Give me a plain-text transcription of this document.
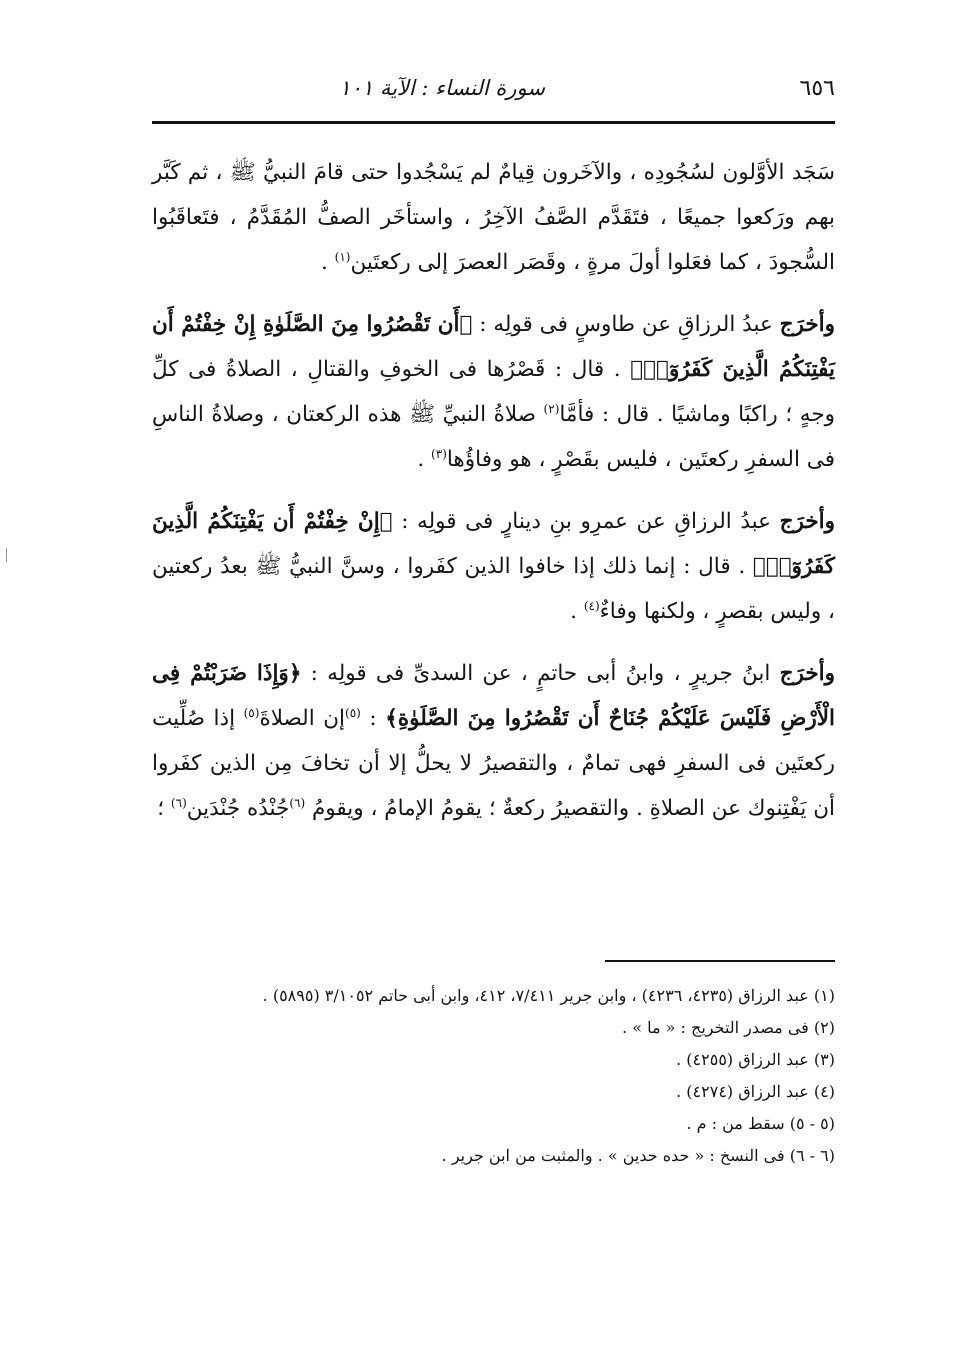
٦٥٦
سورة النساء : الآية ١٠١

سَجَد الأوَّلون لسُجُودِه ، والآخَرون قِيامٌ لم يَسْجُدوا حتى قامَ النبيُّ ﷺ ، ثم كَبَّر بهم ورَكعوا جميعًا ، فتَقَدَّم الصَّفُ الآخِرُ ، واستأخَر الصفُّ المُقَدَّمُ ، فتَعاقَبُوا السُّجودَ ، كما فعَلوا أولَ مرةٍ ، وقَصَر العصرَ إلى ركعتَين$^{(١)}$ .

وأخرَج عبدُ الرزاقِ عن طاوسٍ فى قولِه : ﴿أَن تَقْصُرُوا مِنَ الصَّلَوٰةِ إِنْ خِفْتُمْ أَن يَفْتِنَكُمُ الَّذِينَ كَفَرُوٓا۟﴾ . قال : قَصْرُها فى الخوفِ والقتالِ ، الصلاةُ فى كلِّ وجهٍ ؛ راكبًا وماشيًا . قال : فأمَّا$^{(٢)}$ صلاةُ النبيِّ ﷺ هذه الركعتان ، وصلاةُ الناسِ فى السفرِ ركعتَين ، فليس بقَصْرٍ ، هو وفاؤُها$^{(٣)}$ .

وأخرَج عبدُ الرزاقِ عن عمرِو بنِ دينارٍ فى قولِه : ﴿إِنْ خِفْتُمْ أَن يَفْتِنَكُمُ الَّذِينَ كَفَرُوٓا۟﴾ . قال : إنما ذلك إذا خافوا الذين كفَروا ، وسنَّ النبيُّ ﷺ بعدُ ركعتين ، وليس بقصرٍ ، ولكنها وفاءٌ$^{(٤)}$ .

وأخرَج ابنُ جريرٍ ، وابنُ أبى حاتمٍ ، عن السدىِّ فى قولِه : ﴿وَإِذَا ضَرَبْتُمْ فِى الْأَرْضِ فَلَيْسَ عَلَيْكُمْ جُنَاحٌ أَن تَقْصُرُوا مِنَ الصَّلَوٰةِ﴾ : $^{(٥)}$إن الصلاةَ$^{(٥)}$ إذا صُلِّيت ركعتَين فى السفرِ فهى تمامٌ ، والتقصيرُ لا يحلُّ إلا أن تخافَ مِن الذين كفَروا أن يَفْتِنوك عن الصلاةِ . والتقصيرُ ركعةٌ ؛ يقومُ الإمامُ ، ويقومُ $^{(٦)}$جُنْدُه جُنْدَين$^{(٦)}$ ؛

(١) عبد الرزاق (٤٢٣٥، ٤٢٣٦) ، وابن جرير ٧/٤١١، ٤١٢، وابن أبى حاتم ٣/١٠٥٢ (٥٨٩٥) .
(٢) فى مصدر التخريج : « ما » .
(٣) عبد الرزاق (٤٢٥٥) .
(٤) عبد الرزاق (٤٢٧٤) .
(٥ - ٥) سقط من : م .
(٦ - ٦) فى النسخ : « حده حدين » . والمثبت من ابن جرير .
